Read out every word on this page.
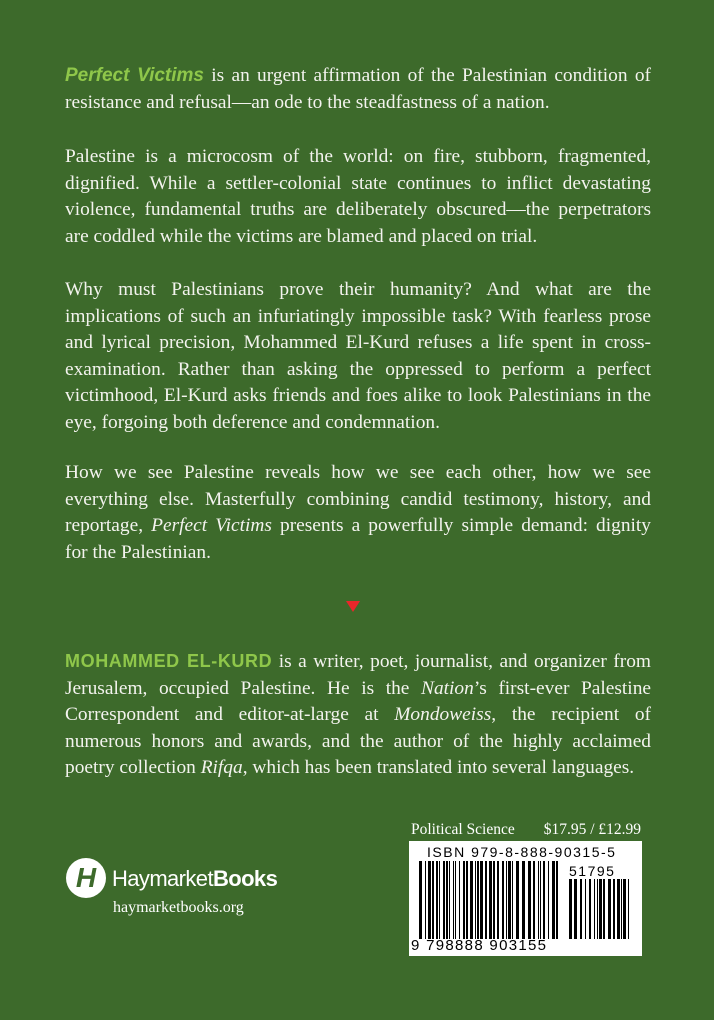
Perfect Victims is an urgent affirmation of the Palestinian condition of resistance and refusal—an ode to the steadfastness of a nation.

Palestine is a microcosm of the world: on fire, stubborn, fragmented, dignified. While a settler-colonial state continues to inflict devastating violence, fundamental truths are deliberately obscured—the perpetrators are coddled while the victims are blamed and placed on trial.

Why must Palestinians prove their humanity? And what are the implications of such an infuriatingly impossible task? With fearless prose and lyrical precision, Mohammed El-Kurd refuses a life spent in cross-examination. Rather than asking the oppressed to perform a perfect victimhood, El-Kurd asks friends and foes alike to look Palestinians in the eye, forgoing both deference and condemnation.

How we see Palestine reveals how we see each other, how we see everything else. Masterfully combining candid testimony, history, and reportage, Perfect Victims presents a powerfully simple demand: dignity for the Palestinian.

MOHAMMED EL-KURD is a writer, poet, journalist, and organizer from Jerusalem, occupied Palestine. He is the Nation’s first-ever Palestine Correspondent and editor-at-large at Mondoweiss, the recipient of numerous honors and awards, and the author of the highly acclaimed poetry collection Rifqa, which has been translated into several languages.

H HaymarketBooks
haymarketbooks.org
Political Science $17.95 / £12.99
ISBN 979-8-888-90315-5
51795
9 798888 903155
